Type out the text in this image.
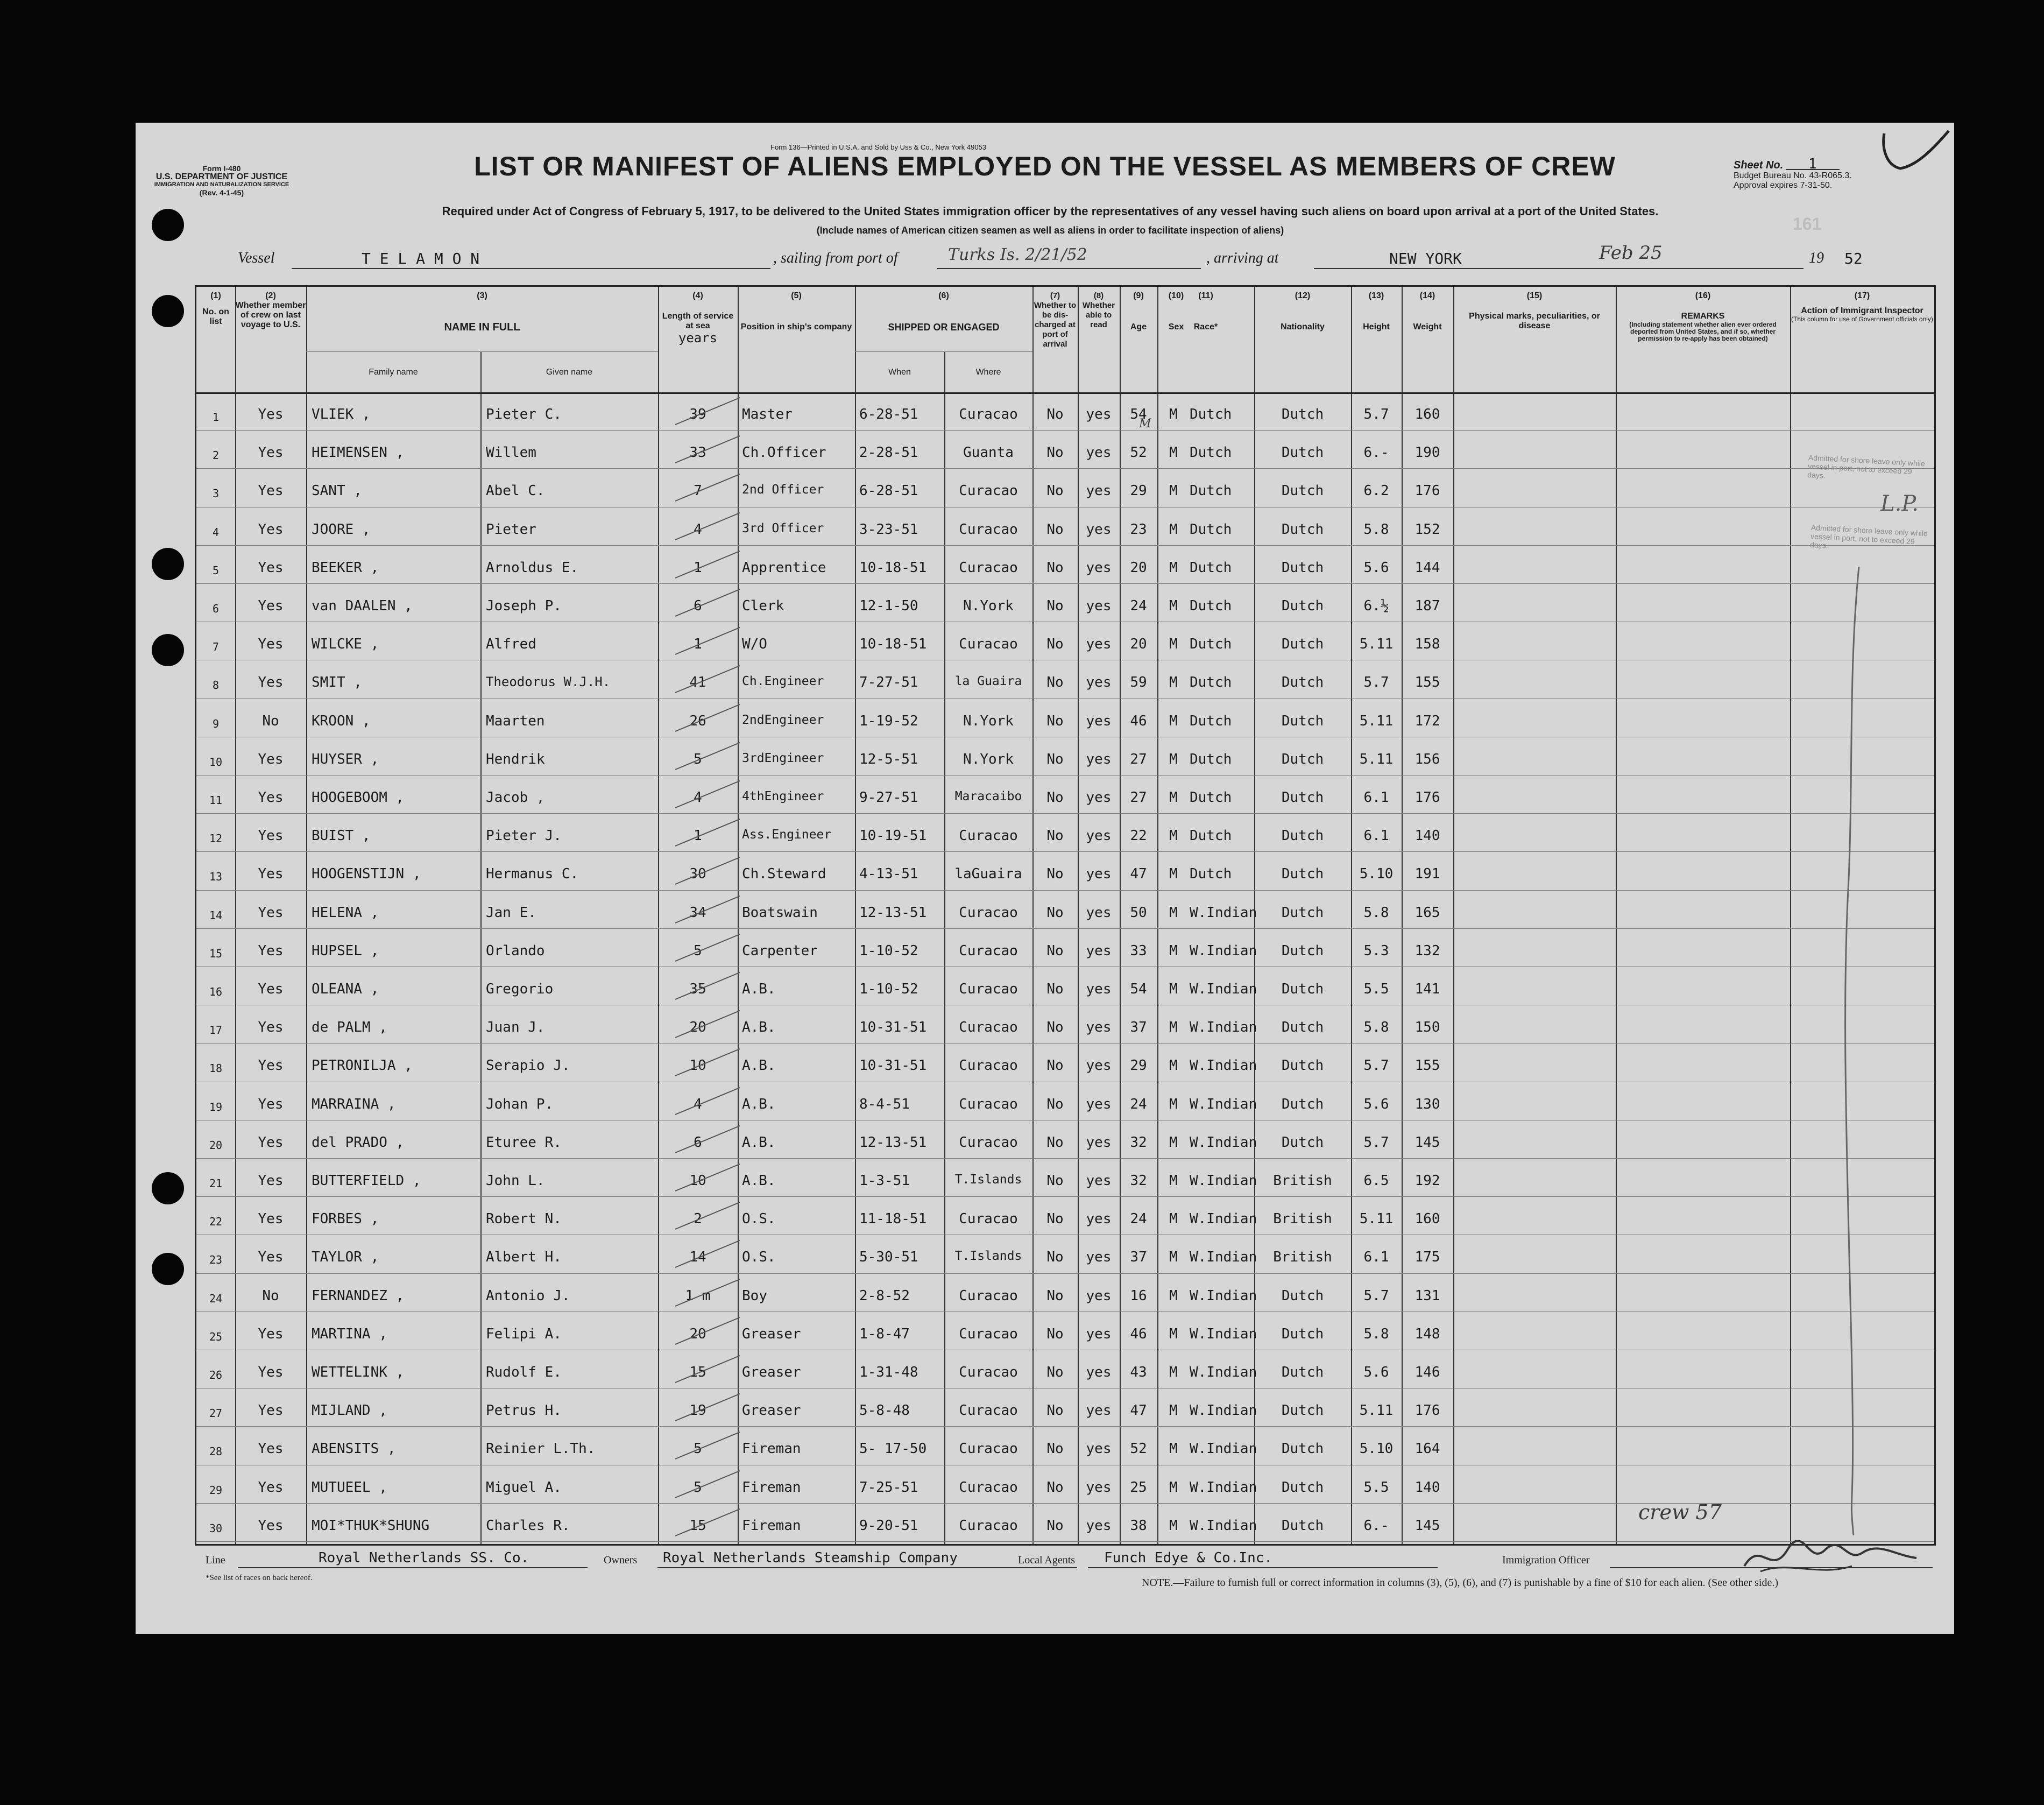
Form 136—Printed in U.S.A. and Sold by Uss & Co., New York 49053
Form I-480
U.S. DEPARTMENT OF JUSTICE
IMMIGRATION AND NATURALIZATION SERVICE
(Rev. 4-1-45)
LIST OR MANIFEST OF ALIENS EMPLOYED ON THE VESSEL AS MEMBERS OF CREW	Sheet No. 1
Budget Bureau No. 43-R065.3.
Approval expires 7-31-50.
161
Required under Act of Congress of February 5, 1917, to be delivered to the United States immigration officer by the representatives of any vessel having such aliens on board upon arrival at a port of the United States.
(Include names of American citizen seamen as well as aliens in order to facilitate inspection of aliens)
Vessel	T E L A M O N	, sailing from port of	Turks Is. 2/21/52	, arriving at	NEW YORK	Feb 25	19 52
(1)
No. on list
(2)
Whether member of crew on last voyage to U.S.
(3)
NAME IN FULL
Family name	Given name
(4)
Length of service at sea
years
(5)
Position in ship's company
(6)
SHIPPED OR ENGAGED
When	Where
(7)
Whether to be dis-charged at port of arrival
(8)
Whether able to read
(9)
Age
(10)
Sex
(11)
Race*
(12)
Nationality
(13)
Height
(14)
Weight
(15)
Physical marks, peculiarities, or disease
(16)
REMARKS
(Including statement whether alien ever ordered deported from United States, and if so, whether permission to re-apply has been obtained)
(17)
Action of Immigrant Inspector
(This column for use of Government officials only)
1	Yes	VLIEK ,	Pieter C.	39	Master	6-28-51	Curacao	No	yes	54	M Dutch	Dutch	5.7	160
M
2	Yes	HEIMENSEN ,	Willem	33	Ch.Officer	2-28-51	Guanta	No	yes	52	M Dutch	Dutch	6.-	190
3	Yes	SANT ,	Abel C.	7	2nd Officer	6-28-51	Curacao	No	yes	29	M Dutch	Dutch	6.2	176
4	Yes	JOORE ,	Pieter	4	3rd Officer	3-23-51	Curacao	No	yes	23	M Dutch	Dutch	5.8	152
5	Yes	BEEKER ,	Arnoldus E.	1	Apprentice	10-18-51	Curacao	No	yes	20	M Dutch	Dutch	5.6	144
6	Yes	van DAALEN ,	Joseph P.	6	Clerk	12-1-50	N.York	No	yes	24	M Dutch	Dutch	6.½	187
7	Yes	WILCKE ,	Alfred	1	W/O	10-18-51	Curacao	No	yes	20	M Dutch	Dutch	5.11	158
8	Yes	SMIT ,	Theodorus W.J.H.	41	Ch.Engineer	7-27-51	la Guaira	No	yes	59	M Dutch	Dutch	5.7	155
9	No	KROON ,	Maarten	26	2ndEngineer	1-19-52	N.York	No	yes	46	M Dutch	Dutch	5.11	172
10	Yes	HUYSER ,	Hendrik	5	3rdEngineer	12-5-51	N.York	No	yes	27	M Dutch	Dutch	5.11	156
11	Yes	HOOGEBOOM ,	Jacob ,	4	4thEngineer	9-27-51	Maracaibo	No	yes	27	M Dutch	Dutch	6.1	176
12	Yes	BUIST ,	Pieter J.	1	Ass.Engineer	10-19-51	Curacao	No	yes	22	M Dutch	Dutch	6.1	140
13	Yes	HOOGENSTIJN ,	Hermanus C.	30	Ch.Steward	4-13-51	laGuaira	No	yes	47	M Dutch	Dutch	5.10	191
14	Yes	HELENA ,	Jan E.	34	Boatswain	12-13-51	Curacao	No	yes	50	M W.Indian	Dutch	5.8	165
15	Yes	HUPSEL ,	Orlando	5	Carpenter	1-10-52	Curacao	No	yes	33	M W.Indian	Dutch	5.3	132
16	Yes	OLEANA ,	Gregorio	35	A.B.	1-10-52	Curacao	No	yes	54	M W.Indian	Dutch	5.5	141
17	Yes	de PALM ,	Juan J.	20	A.B.	10-31-51	Curacao	No	yes	37	M W.Indian	Dutch	5.8	150
18	Yes	PETRONILJA ,	Serapio J.	10	A.B.	10-31-51	Curacao	No	yes	29	M W.Indian	Dutch	5.7	155
19	Yes	MARRAINA ,	Johan P.	4	A.B.	8-4-51	Curacao	No	yes	24	M W.Indian	Dutch	5.6	130
20	Yes	del PRADO ,	Eturee R.	6	A.B.	12-13-51	Curacao	No	yes	32	M W.Indian	Dutch	5.7	145
21	Yes	BUTTERFIELD ,	John L.	10	A.B.	1-3-51	T.Islands	No	yes	32	M W.Indian	British	6.5	192
22	Yes	FORBES ,	Robert N.	2	O.S.	11-18-51	Curacao	No	yes	24	M W.Indian	British	5.11	160
23	Yes	TAYLOR ,	Albert H.	14	O.S.	5-30-51	T.Islands	No	yes	37	M W.Indian	British	6.1	175
24	No	FERNANDEZ ,	Antonio J.	1 m	Boy	2-8-52	Curacao	No	yes	16	M W.Indian	Dutch	5.7	131
25	Yes	MARTINA ,	Felipi A.	20	Greaser	1-8-47	Curacao	No	yes	46	M W.Indian	Dutch	5.8	148
26	Yes	WETTELINK ,	Rudolf E.	15	Greaser	1-31-48	Curacao	No	yes	43	M W.Indian	Dutch	5.6	146
27	Yes	MIJLAND ,	Petrus H.	19	Greaser	5-8-48	Curacao	No	yes	47	M W.Indian	Dutch	5.11	176
28	Yes	ABENSITS ,	Reinier L.Th.	5	Fireman	5- 17-50	Curacao	No	yes	52	M W.Indian	Dutch	5.10	164
29	Yes	MUTUEEL ,	Miguel A.	5	Fireman	7-25-51	Curacao	No	yes	25	M W.Indian	Dutch	5.5	140
30	Yes	MOI*THUK*SHUNG	Charles R.	15	Fireman	9-20-51	Curacao	No	yes	38	M W.Indian	Dutch	6.-	145
Admitted for shore leave only while vessel in port, not to exceed 29 days.
L.P.
Admitted for shore leave only while vessel in port, not to exceed 29 days.
crew 57
Line	Royal Netherlands SS. Co.	Owners Royal Netherlands Steamship Company	Local Agents Funch Edye & Co.Inc.	Immigration Officer
*See list of races on back hereof.	NOTE.—Failure to furnish full or correct information in columns (3), (5), (6), and (7) is punishable by a fine of $10 for each alien. (See other side.)
